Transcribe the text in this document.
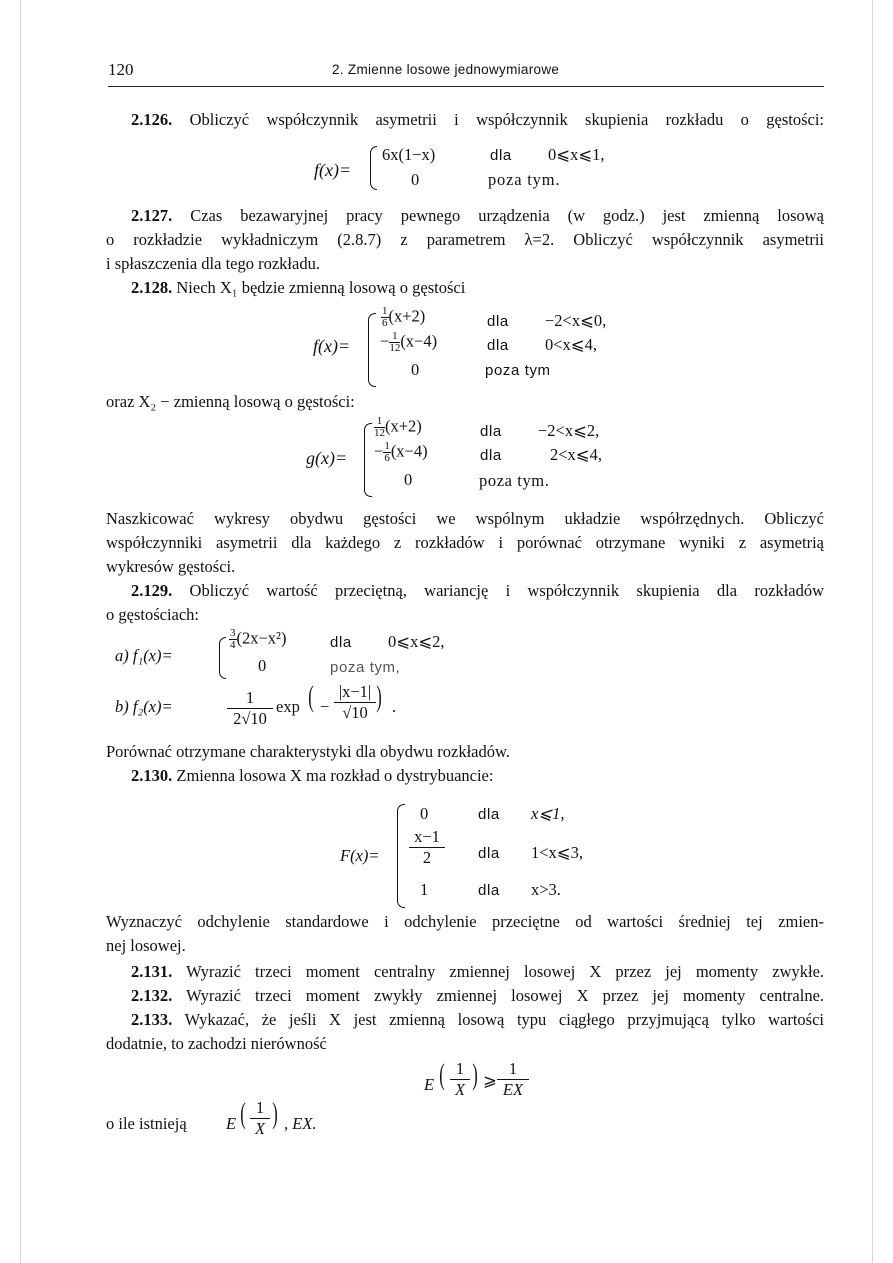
120	2. Zmienne losowe jednowymiarowe
2.126. Obliczyć współczynnik asymetrii i współczynnik skupienia rozkładu o gęstości:
f(x)=
6x(1−x)	dla 0⩽x⩽1,
0	poza tym.
2.127. Czas bezawaryjnej pracy pewnego urządzenia (w godz.) jest zmienną losową
o rozkładzie wykładniczym (2.8.7) z parametrem λ=2. Obliczyć współczynnik asymetrii
i spłaszczenia dla tego rozkładu.
2.128. Niech X₁ będzie zmienną losową o gęstości
f(x)=
$\frac{1}{6} (x+2)$	dla −2<x⩽0,
− $\frac{1}{12} (x-4)$	dla 0<x⩽4,
0	poza tym
oraz X₂ − zmienną losową o gęstości:
g(x)=
$\frac{1}{12} (x+2)$	dla −2<x⩽2,
− $\frac{1}{6} (x-4)$	dla	2<x⩽4,
0	poza tym.
Naszkicować wykresy obydwu gęstości we wspólnym układzie współrzędnych. Obliczyć
współczynniki asymetrii dla każdego z rozkładów i porównać otrzymane wyniki z asymetrią
wykresów gęstości.
2.129. Obliczyć wartość przeciętną, wariancję i współczynnik skupienia dla rozkładów
o gęstościach:
a) f₁(x)=
$\frac{3}{4} (2x-x^2)$	dla 0⩽x⩽2,
0	poza tym,
b) f₂(x)=	1
2√10
exp ( −
|x−1|
√10 ) .
Porównać otrzymane charakterystyki dla obydwu rozkładów.
2.130. Zmienna losowa X ma rozkład o dystrybuancie:
F(x)=
0	dla x⩽1,
x−1
2	dla 1<x⩽3,
1	dla x>3.
Wyznaczyć odchylenie standardowe i odchylenie przeciętne od wartości średniej tej zmien-
nej losowej.
2.131. Wyrazić trzeci moment centralny zmiennej losowej X przez jej momenty zwykłe.
2.132. Wyrazić trzeci moment zwykły zmiennej losowej X przez jej momenty centralne.
2.133. Wykazać, że jeśli X jest zmienną losową typu ciągłego przyjmującą tylko wartości
dodatnie, to zachodzi nierówność
E ( 1
X ) ⩾
1
EX
o ile istnieją E ( 1
X ) , EX.
